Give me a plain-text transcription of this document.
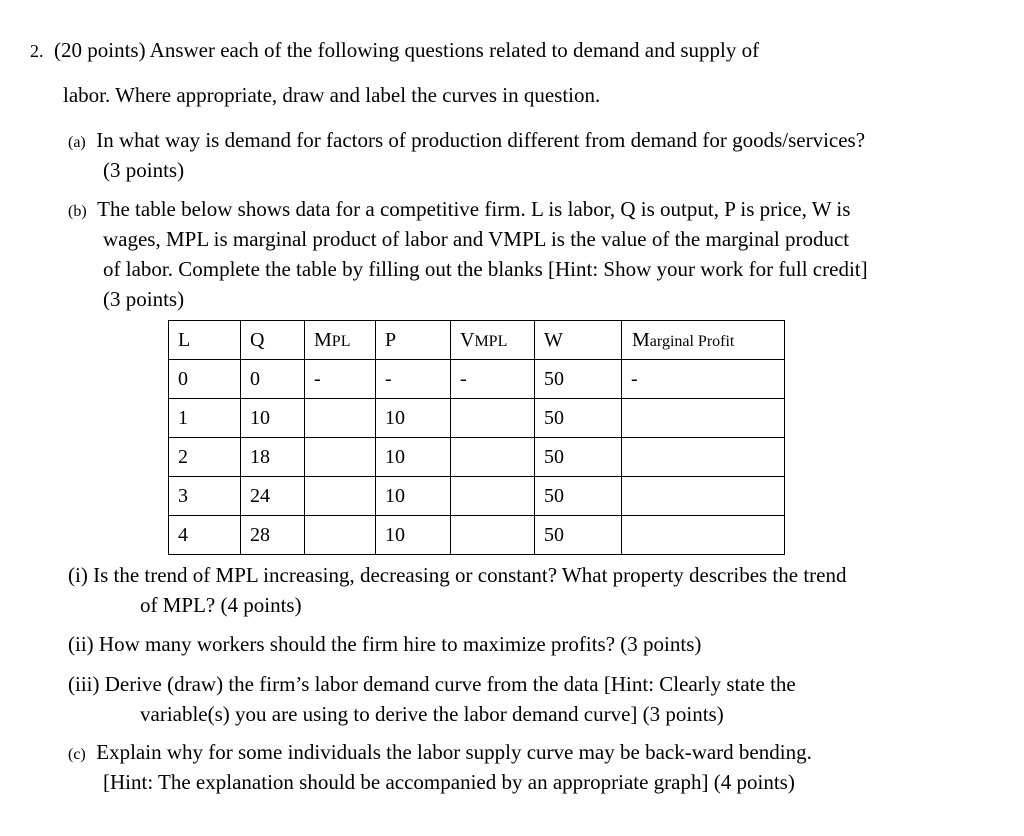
2. (20 points) Answer each of the following questions related to demand and supply of
labor. Where appropriate, draw and label the curves in question.
(a) In what way is demand for factors of production different from demand for goods/services?
(3 points)
(b) The table below shows data for a competitive firm. L is labor, Q is output, P is price, W is
wages, MPL is marginal product of labor and VMPL is the value of the marginal product
of labor. Complete the table by filling out the blanks [Hint: Show your work for full credit]
(3 points)
L	Q	MPL	P	VMPL	W	Marginal Profit
0	0	-	-	-	50	-
1	10		10		50	
2	18		10		50	
3	24		10		50	
4	28		10		50	
(i) Is the trend of MPL increasing, decreasing or constant? What property describes the trend
of MPL? (4 points)
(ii) How many workers should the firm hire to maximize profits? (3 points)
(iii) Derive (draw) the firm’s labor demand curve from the data [Hint: Clearly state the
variable(s) you are using to derive the labor demand curve] (3 points)
(c) Explain why for some individuals the labor supply curve may be back-ward bending.
[Hint: The explanation should be accompanied by an appropriate graph] (4 points)
